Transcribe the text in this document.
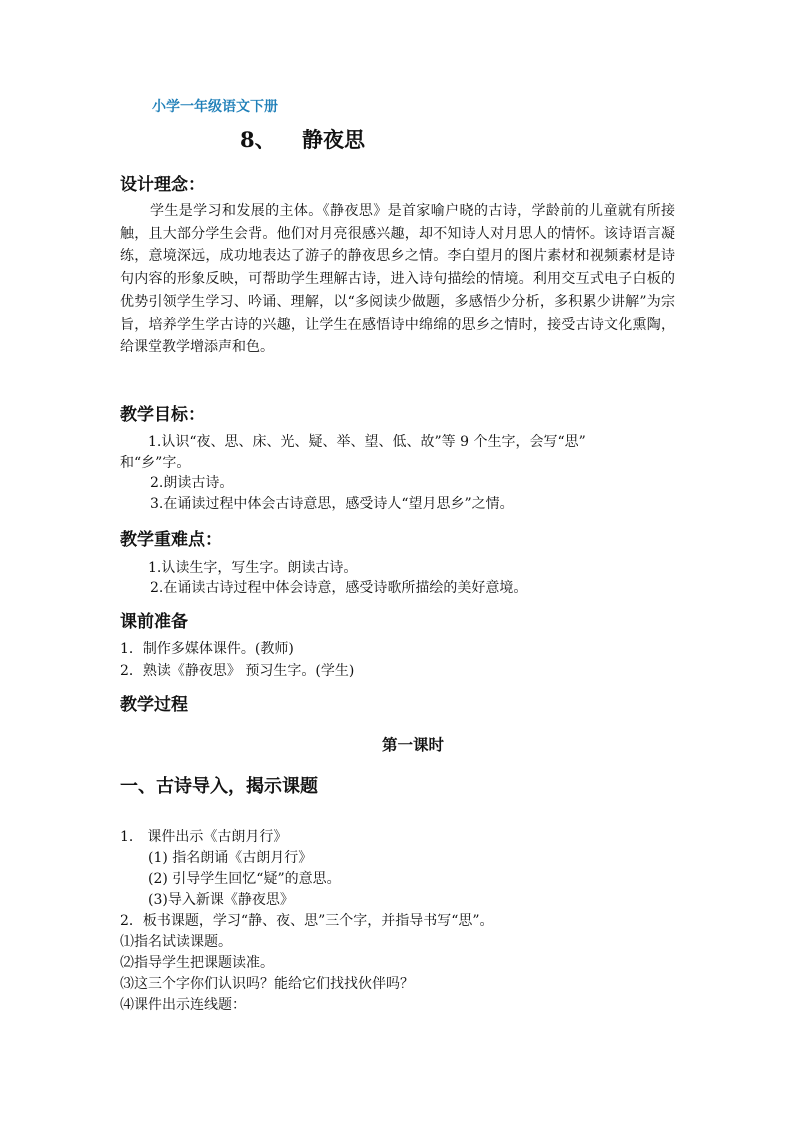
小学一年级语文下册
8、 静夜思
设计理念：
学生是学习和发展的主体。《静夜思》是首家喻户晓的古诗，学龄前的儿童就有所接触，且大部分学生会背。他们对月亮很感兴趣，却不知诗人对月思人的情怀。该诗语言凝练，意境深远，成功地表达了游子的静夜思乡之情。李白望月的图片素材和视频素材是诗句内容的形象反映，可帮助学生理解古诗，进入诗句描绘的情境。利用交互式电子白板的优势引领学生学习、吟诵、理解，以“多阅读少做题，多感悟少分析，多积累少讲解”为宗旨，培养学生学古诗的兴趣，让学生在感悟诗中绵绵的思乡之情时，接受古诗文化熏陶，给课堂教学增添声和色。
教学目标：
1.认识“夜、思、床、光、疑、举、望、低、故”等 9 个生字，会写“思”
和“乡”字。
2.朗读古诗。
3.在诵读过程中体会古诗意思，感受诗人“望月思乡”之情。
教学重难点：
1.认读生字，写生字。朗读古诗。
2.在诵读古诗过程中体会诗意，感受诗歌所描绘的美好意境。
课前准备
1．制作多媒体课件。(教师)
2．熟读《静夜思》 预习生字。(学生)
教学过程
第一课时
一、古诗导入，揭示课题
1． 课件出示《古朗月行》
(1) 指名朗诵《古朗月行》
(2) 引导学生回忆“疑”的意思。
(3)导入新课《静夜思》
2．板书课题，学习“静、夜、思”三个字，并指导书写“思”。
⑴指名试读课题。
⑵指导学生把课题读准。
⑶这三个字你们认识吗？能给它们找找伙伴吗？
⑷课件出示连线题：
